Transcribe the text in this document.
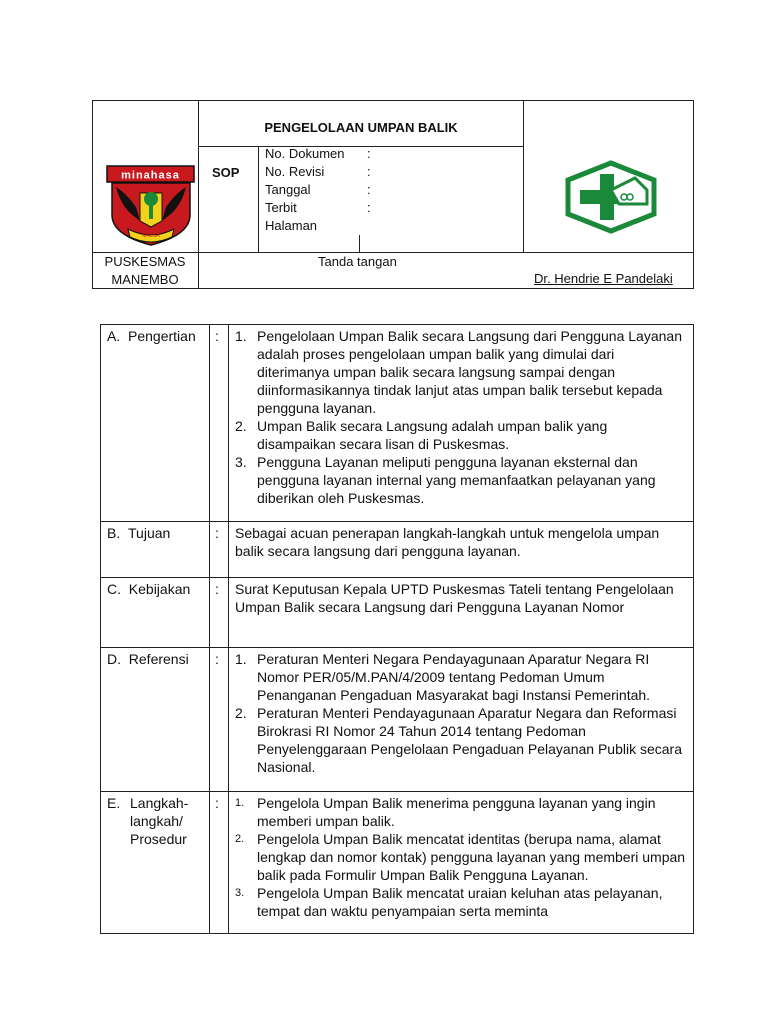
PENGELOLAAN UMPAN BALIK
SOP
No. Dokumen :
No. Revisi	:
Tanggal	:
Terbit	:
Halaman
minahasa
MAESA
PUSKESMAS
MANEMBO
Tanda tangan
Dr. Hendrie E Pandelaki
A. Pengertian : 1. Pengelolaan Umpan Balik secara Langsung dari Pengguna Layanan adalah proses pengelolaan umpan balik yang dimulai dari diterimanya umpan balik secara langsung sampai dengan diinformasikannya tindak lanjut atas umpan balik tersebut kepada pengguna layanan.
2. Umpan Balik secara Langsung adalah umpan balik yang disampaikan secara lisan di Puskesmas.
3. Pengguna Layanan meliputi pengguna layanan eksternal dan pengguna layanan internal yang memanfaatkan pelayanan yang diberikan oleh Puskesmas.
B. Tujuan	: Sebagai acuan penerapan langkah-langkah untuk mengelola umpan balik secara langsung dari pengguna layanan.
C. Kebijakan : Surat Keputusan Kepala UPTD Puskesmas Tateli tentang Pengelolaan Umpan Balik secara Langsung dari Pengguna Layanan Nomor
D. Referensi : 1. Peraturan Menteri Negara Pendayagunaan Aparatur Negara RI Nomor PER/05/M.PAN/4/2009 tentang Pedoman Umum Penanganan Pengaduan Masyarakat bagi Instansi Pemerintah.
2. Peraturan Menteri Pendayagunaan Aparatur Negara dan Reformasi Birokrasi RI Nomor 24 Tahun 2014 tentang Pedoman Penyelenggaraan Pengelolaan Pengaduan Pelayanan Publik secara Nasional.
E. Langkah-
langkah/
Prosedur
: 1. Pengelola Umpan Balik menerima pengguna layanan yang ingin memberi umpan balik.
2. Pengelola Umpan Balik mencatat identitas (berupa nama, alamat lengkap dan nomor kontak) pengguna layanan yang memberi umpan balik pada Formulir Umpan Balik Pengguna Layanan.
3. Pengelola Umpan Balik mencatat uraian keluhan atas pelayanan, tempat dan waktu penyampaian serta meminta
